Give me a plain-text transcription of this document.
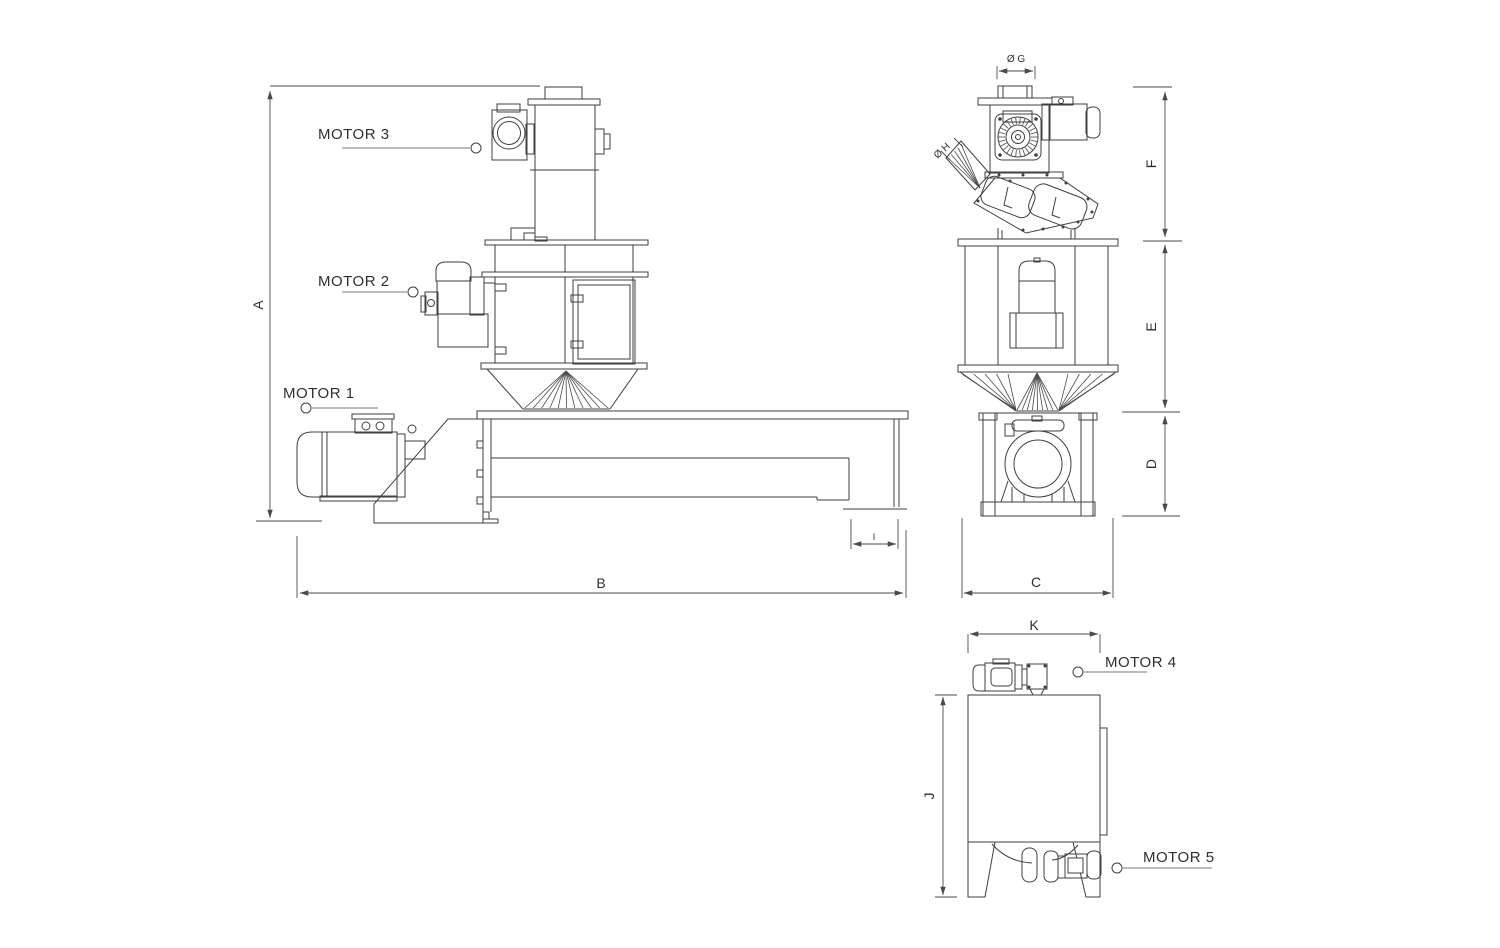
A
B
I
Ø H
F
E
D
C
Ø G
K
J
MOTOR 3
MOTOR 2
MOTOR 1
MOTOR 4
MOTOR 5
